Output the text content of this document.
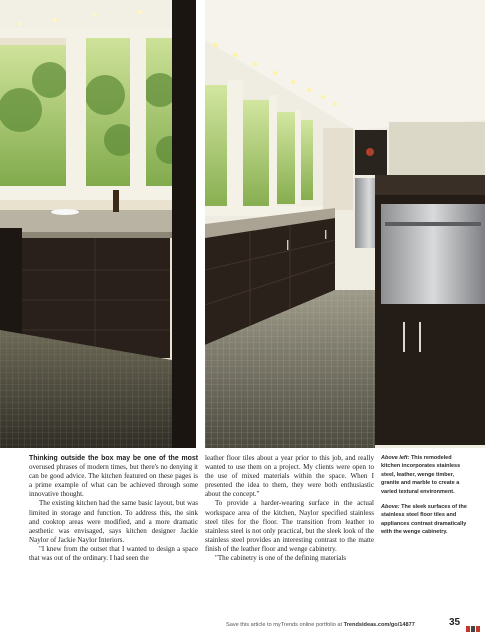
Thinking outside the box may be one of the most overused phrases of modern times, but there's no denying it can be good advice. The kitchen featured on these pages is a prime example of what can be achieved through some innovative thought.

The existing kitchen had the same basic layout, but was limited in storage and function. To address this, the sink and cooktop areas were modified, and a more dramatic aesthetic was envisaged, says kitchen designer Jackie Naylor of Jackie Naylor Interiors.

"I knew from the outset that I wanted to design a space that was out of the ordinary. I had seen the

leather floor tiles about a year prior to this job, and really wanted to use them on a project. My clients were open to the use of mixed materials within the space. When I presented the idea to them, they were both enthusiastic about the concept."

To provide a harder-wearing surface in the actual workspace area of the kitchen, Naylor specified stainless steel tiles for the floor. The transition from leather to stainless steel is not only practical, but the sleek look of the stainless steel provides an interesting contrast to the matte finish of the leather floor and wenge cabinetry.

"The cabinetry is one of the defining materials

Above left: This remodeled kitchen incorporates stainless steel, leather, wenge timber, granite and marble to create a varied textural environment.

Above: The sleek surfaces of the stainless steel floor tiles and appliances contrast dramatically with the wenge cabinetry.

Save this article to myTrends online portfolio at Trendsideas.com/go/14877	35
